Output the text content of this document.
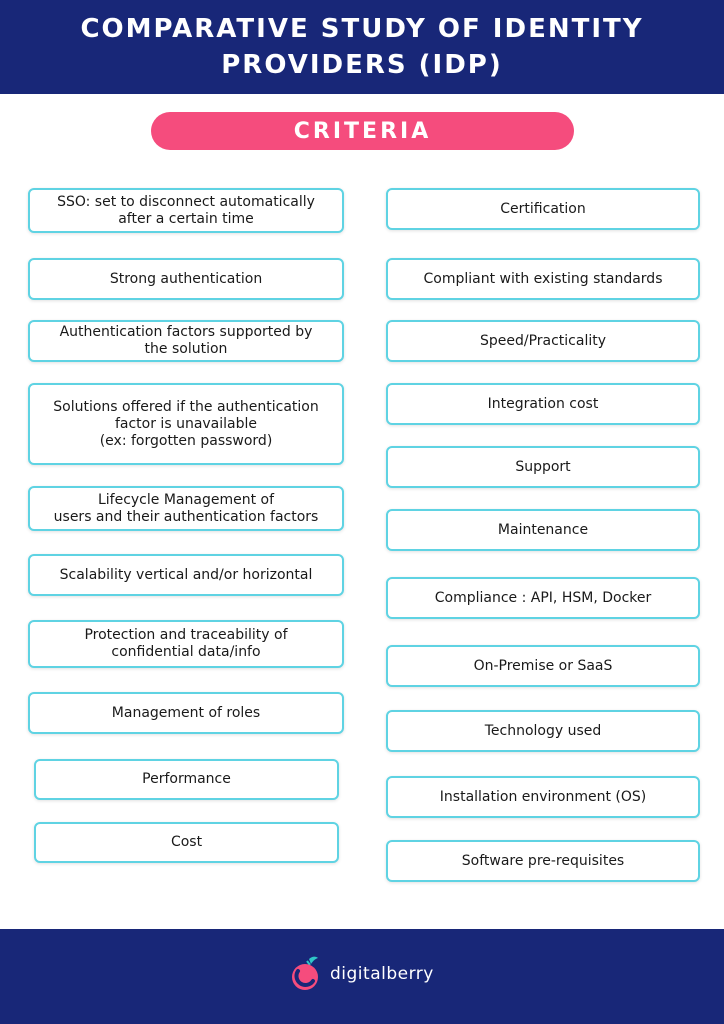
COMPARATIVE STUDY OF IDENTITY PROVIDERS (IDP)
CRITERIA
SSO: set to disconnect automatically
after a certain time
Strong authentication
Authentication factors supported by
the solution
Solutions offered if the authentication
factor is unavailable
(ex: forgotten password)
Lifecycle Management of
users and their authentication factors
Scalability vertical and/or horizontal
Protection and traceability of
confidential data/info
Management of roles
Performance
Cost
Certification
Compliant with existing standards
Speed/Practicality
Integration cost
Support
Maintenance
Compliance : API, HSM, Docker
On-Premise or SaaS
Technology used
Installation environment (OS)
Software pre-requisites
digitalberry
